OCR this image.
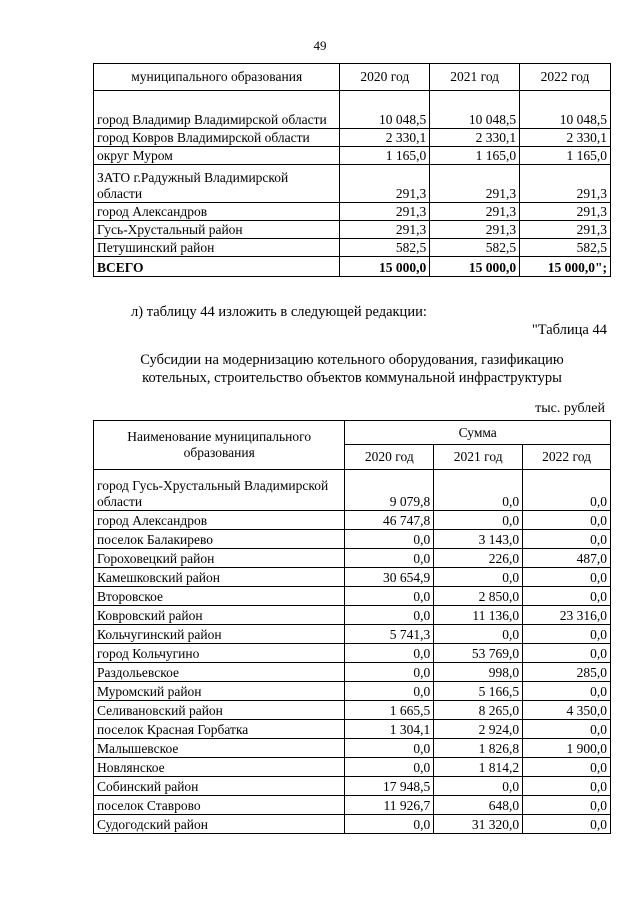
49
муниципального образования	2020 год	2021 год	2022 год
город Владимир Владимирской области	10 048,5	10 048,5	10 048,5
город Ковров Владимирской области	2 330,1	2 330,1	2 330,1
округ Муром	1 165,0	1 165,0	1 165,0
ЗАТО г.Радужный Владимирской области	291,3	291,3	291,3
город Александров	291,3	291,3	291,3
Гусь-Хрустальный район	291,3	291,3	291,3
Петушинский район	582,5	582,5	582,5
ВСЕГО	15 000,0	15 000,0	15 000,0";
л) таблицу 44 изложить в следующей редакции:
"Таблица 44
Субсидии на модернизацию котельного оборудования, газификацию
котельных, строительство объектов коммунальной инфраструктуры
тыс. рублей
Наименование муниципального образования	Сумма		
	2020 год	2021 год	2022 год
город Гусь-Хрустальный Владимирской области	9 079,8	0,0	0,0
город Александров	46 747,8	0,0	0,0
поселок Балакирево	0,0	3 143,0	0,0
Гороховецкий район	0,0	226,0	487,0
Камешковский район	30 654,9	0,0	0,0
Второвское	0,0	2 850,0	0,0
Ковровский район	0,0	11 136,0	23 316,0
Кольчугинский район	5 741,3	0,0	0,0
город Кольчугино	0,0	53 769,0	0,0
Раздольевское	0,0	998,0	285,0
Муромский район	0,0	5 166,5	0,0
Селивановский район	1 665,5	8 265,0	4 350,0
поселок Красная Горбатка	1 304,1	2 924,0	0,0
Малышевское	0,0	1 826,8	1 900,0
Новлянское	0,0	1 814,2	0,0
Собинский район	17 948,5	0,0	0,0
поселок Ставрово	11 926,7	648,0	0,0
Судогодский район	0,0	31 320,0	0,0
